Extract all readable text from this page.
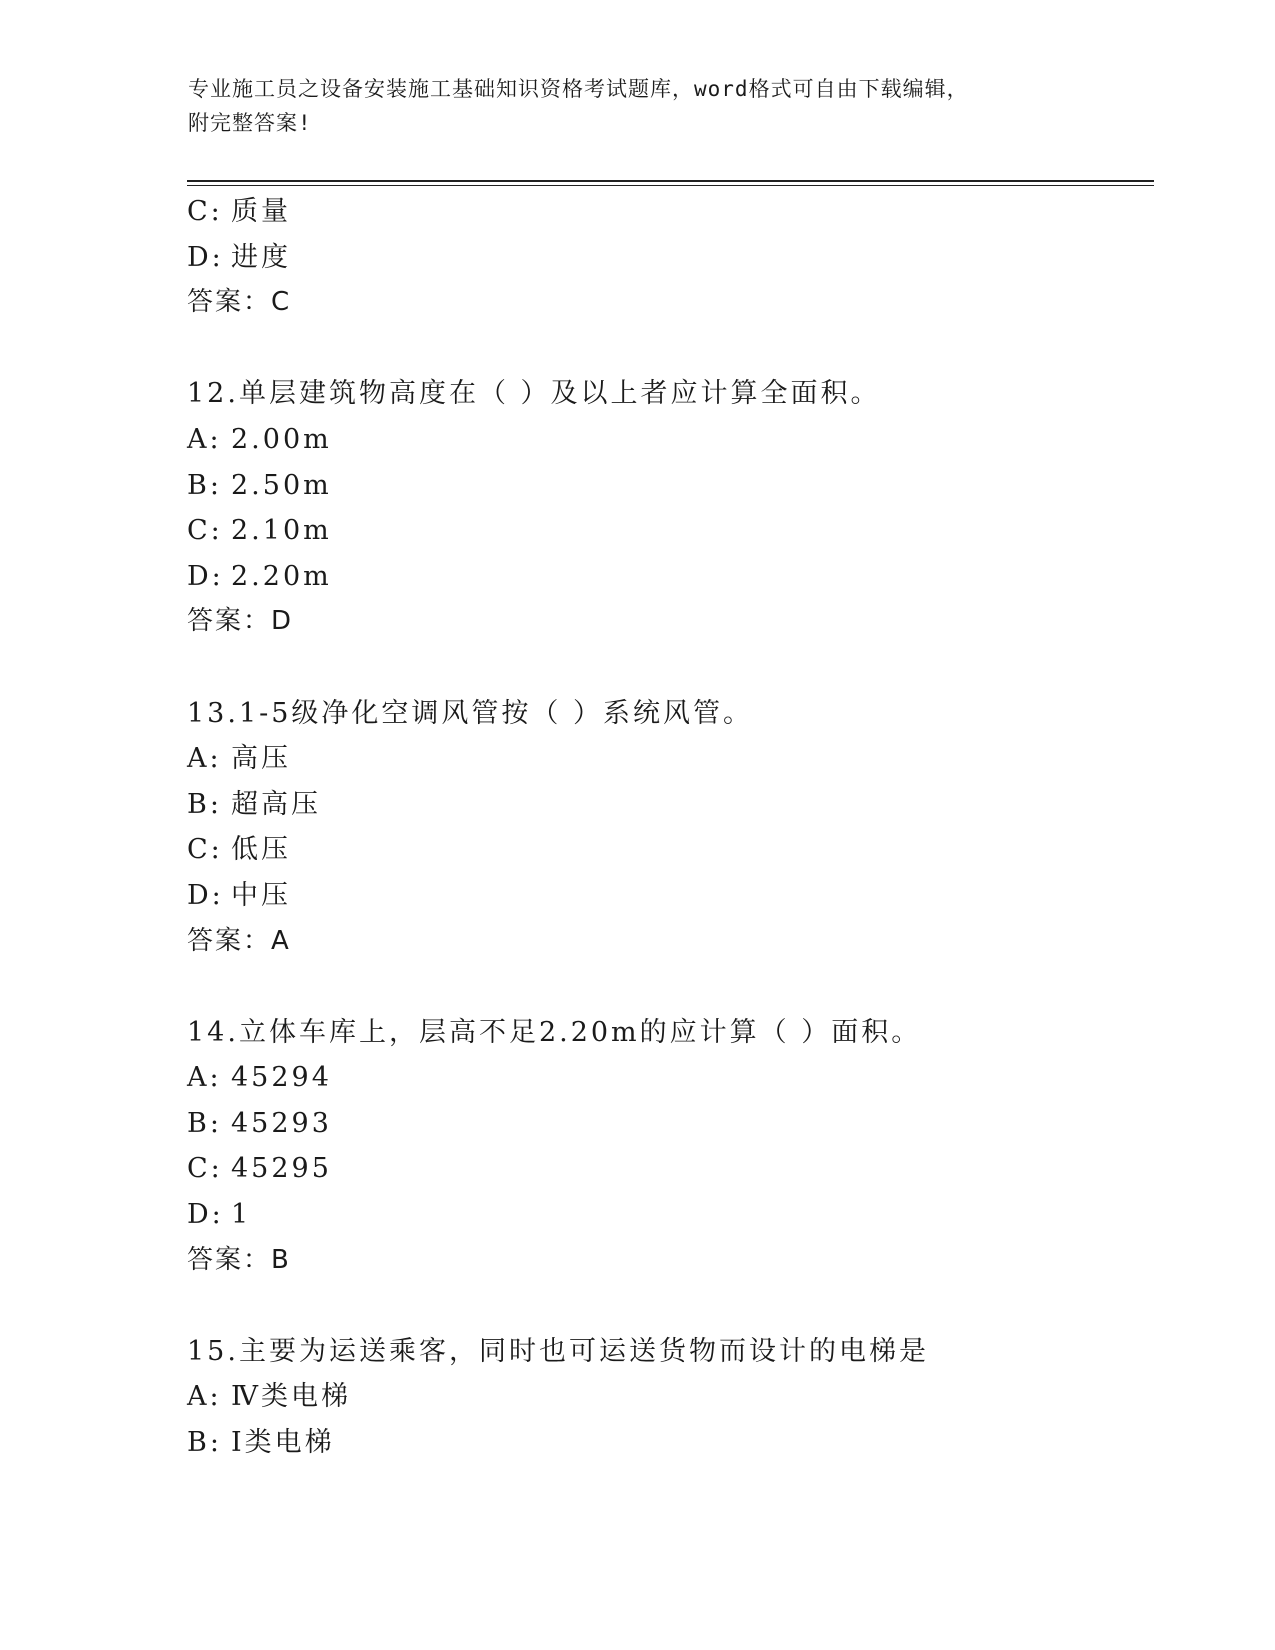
专业施工员之设备安装施工基础知识资格考试题库，word格式可自由下载编辑，
附完整答案!
C: 质量
D: 进度
答案：C
12.单层建筑物高度在（ ）及以上者应计算全面积。
A: 2.00m
B: 2.50m
C: 2.10m
D: 2.20m
答案：D
13.1-5级净化空调风管按（ ）系统风管。
A: 高压
B: 超高压
C: 低压
D: 中压
答案：A
14.立体车库上，层高不足2.20m的应计算（ ）面积。
A: 45294
B: 45293
C: 45295
D: 1
答案：B
15.主要为运送乘客，同时也可运送货物而设计的电梯是
A: Ⅳ类电梯
B: Ⅰ类电梯
